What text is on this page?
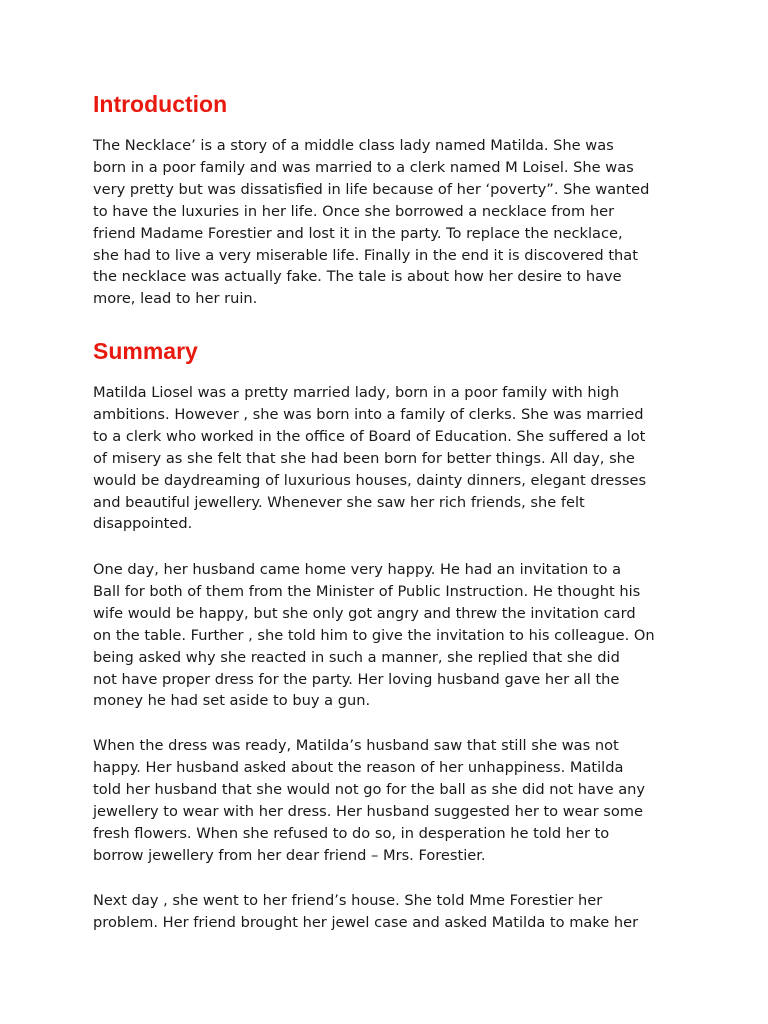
Introduction

The Necklace’ is a story of a middle class lady named Matilda. She was
born in a poor family and was married to a clerk named M Loisel. She was
very pretty but was dissatisfied in life because of her ‘poverty”. She wanted
to have the luxuries in her life. Once she borrowed a necklace from her
friend Madame Forestier and lost it in the party. To replace the necklace,
she had to live a very miserable life. Finally in the end it is discovered that
the necklace was actually fake. The tale is about how her desire to have
more, lead to her ruin.

Summary

Matilda Liosel was a pretty married lady, born in a poor family with high
ambitions. However , she was born into a family of clerks. She was married
to a clerk who worked in the office of Board of Education. She suffered a lot
of misery as she felt that she had been born for better things. All day, she
would be daydreaming of luxurious houses, dainty dinners, elegant dresses
and beautiful jewellery. Whenever she saw her rich friends, she felt
disappointed.

One day, her husband came home very happy. He had an invitation to a
Ball for both of them from the Minister of Public Instruction. He thought his
wife would be happy, but she only got angry and threw the invitation card
on the table. Further , she told him to give the invitation to his colleague. On
being asked why she reacted in such a manner, she replied that she did
not have proper dress for the party. Her loving husband gave her all the
money he had set aside to buy a gun.

When the dress was ready, Matilda’s husband saw that still she was not
happy. Her husband asked about the reason of her unhappiness. Matilda
told her husband that she would not go for the ball as she did not have any
jewellery to wear with her dress. Her husband suggested her to wear some
fresh flowers. When she refused to do so, in desperation he told her to
borrow jewellery from her dear friend – Mrs. Forestier.

Next day , she went to her friend’s house. She told Mme Forestier her
problem. Her friend brought her jewel case and asked Matilda to make her
